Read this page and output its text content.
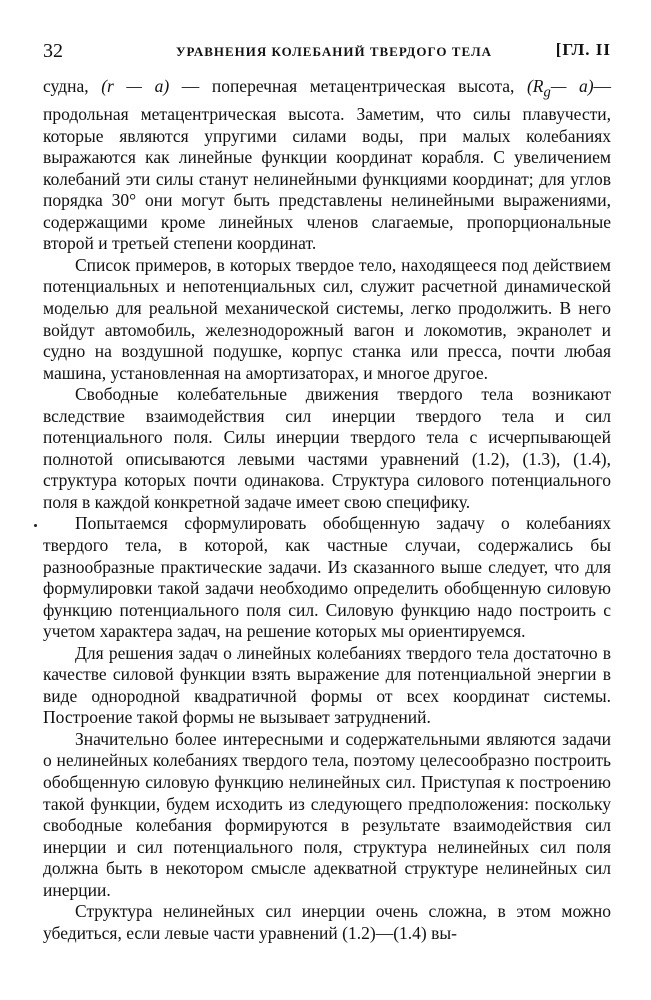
32	УРАВНЕНИЯ КОЛЕБАНИЙ ТВЕРДОГО ТЕЛА	[ГЛ. II

судна, (r — a) — поперечная метацентрическая высота, ($R_g—$ a)— продольная метацентрическая высота. Заметим, что силы плавучести, которые являются упругими силами воды, при малых колебаниях выражаются как линейные функции координат корабля. С увеличением колебаний эти силы станут нелинейными функциями координат; для углов порядка 30° они могут быть представлены нелинейными выражениями, содержащими кроме линейных членов слагаемые, пропорциональные второй и третьей степени координат.

Список примеров, в которых твердое тело, находящееся под действием потенциальных и непотенциальных сил, служит расчетной динамической моделью для реальной механической системы, легко продолжить. В него войдут автомобиль, железнодорожный вагон и локомотив, экранолет и судно на воздушной подушке, корпус станка или пресса, почти любая машина, установленная на амортизаторах, и многое другое.

Свободные колебательные движения твердого тела возникают вследствие взаимодействия сил инерции твердого тела и сил потенциального поля. Силы инерции твердого тела с исчерпывающей полнотой описываются левыми частями уравнений (1.2), (1.3), (1.4), структура которых почти одинакова. Структура силового потенциального поля в каждой конкретной задаче имеет свою специфику.

Попытаемся сформулировать обобщенную задачу о колебаниях твердого тела, в которой, как частные случаи, содержались бы разнообразные практические задачи. Из сказанного выше следует, что для формулировки такой задачи необходимо определить обобщенную силовую функцию потенциального поля сил. Силовую функцию надо построить с учетом характера задач, на решение которых мы ориентируемся.

Для решения задач о линейных колебаниях твердого тела достаточно в качестве силовой функции взять выражение для потенциальной энергии в виде однородной квадратичной формы от всех координат системы. Построение такой формы не вызывает затруднений.

Значительно более интересными и содержательными являются задачи о нелинейных колебаниях твердого тела, поэтому целесообразно построить обобщенную силовую функцию нелинейных сил. Приступая к построению такой функции, будем исходить из следующего предположения: поскольку свободные колебания формируются в результате взаимодействия сил инерции и сил потенциального поля, структура нелинейных сил поля должна быть в некотором смысле адекватной структуре нелинейных сил инерции.

Структура нелинейных сил инерции очень сложна, в этом можно убедиться, если левые части уравнений (1.2)—(1.4) вы-
